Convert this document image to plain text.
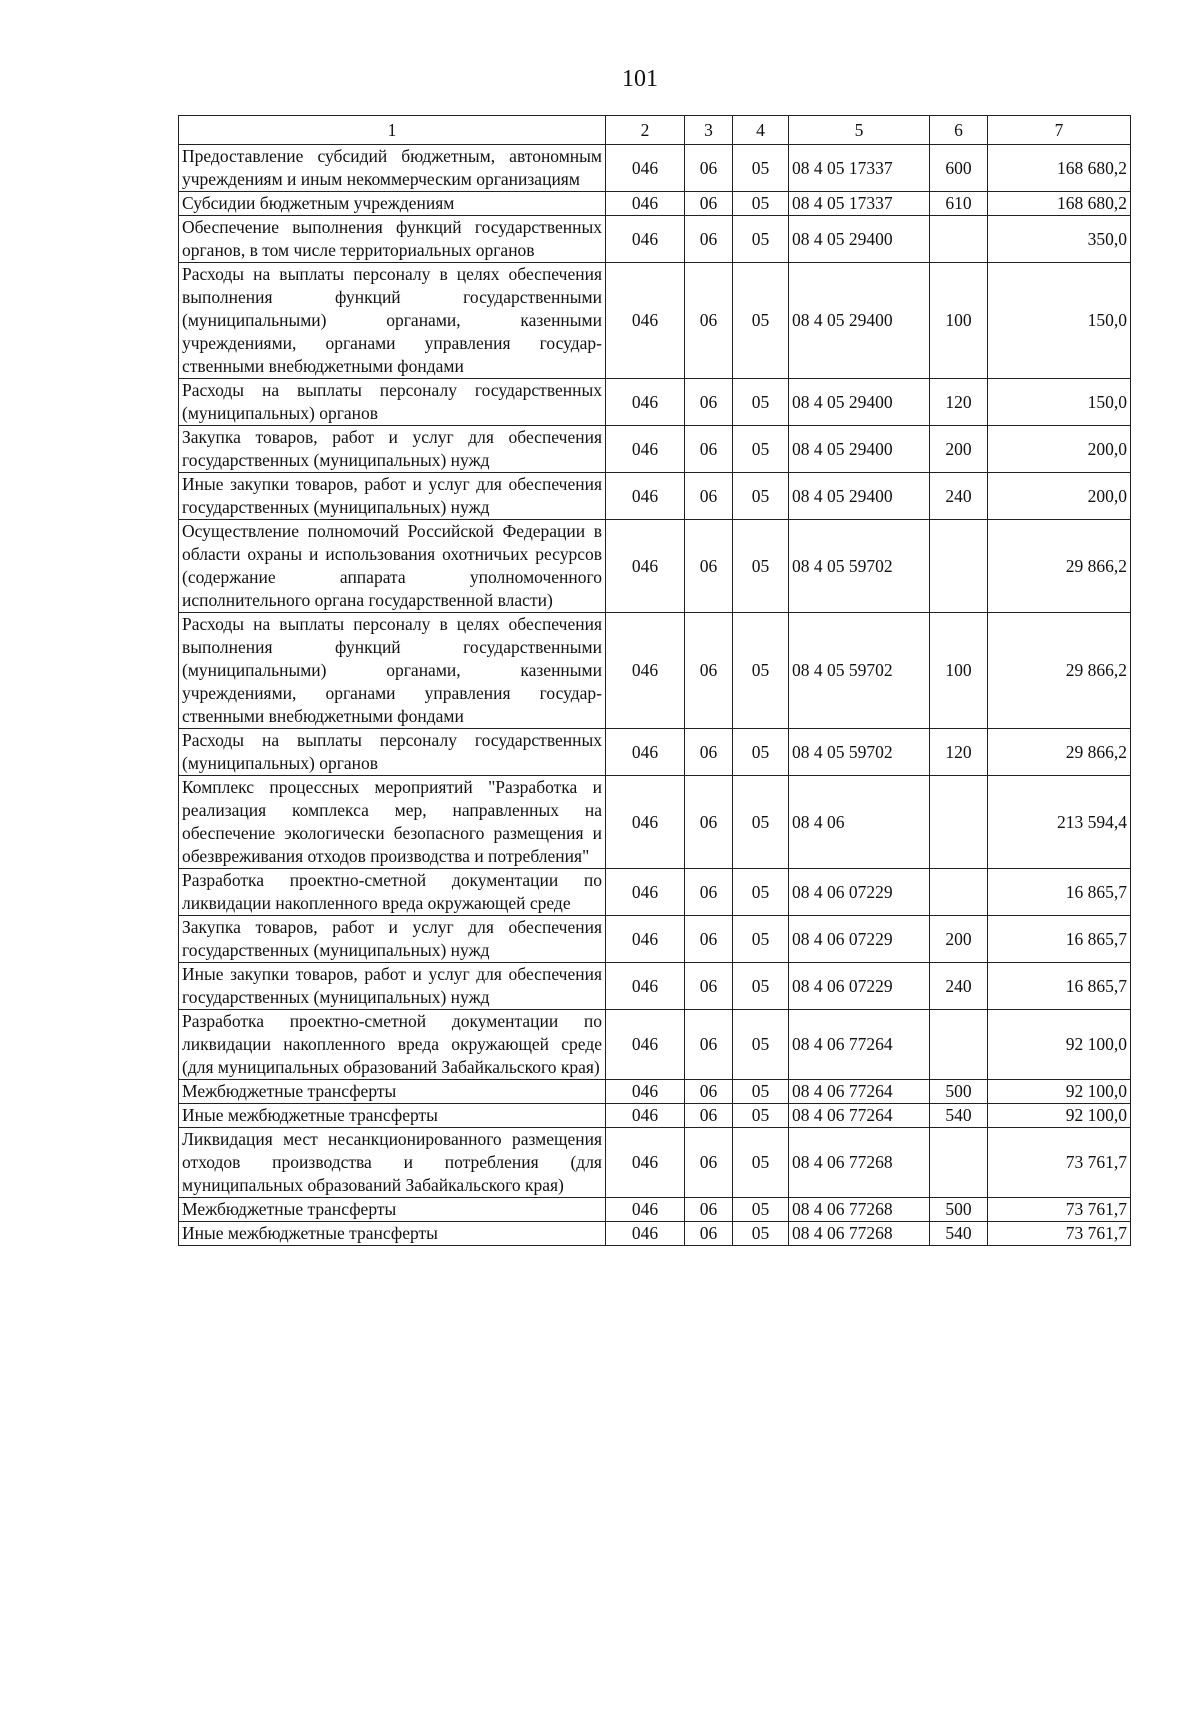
101
1	2	3	4	5	6	7
Предоставление субсидий бюджетным, автономным учреждениям и иным некоммерческим организациям	046	06	05	08 4 05 17337	600	168 680,2
Субсидии бюджетным учреждениям	046	06	05	08 4 05 17337	610	168 680,2
Обеспечение выполнения функций государственных органов, в том числе территориальных органов	046	06	05	08 4 05 29400		350,0
Расходы на выплаты персоналу в целях обеспечения выполнения функций государственными (муниципальными) органами, казенными учреждениями, органами управления государственными внебюджетными фондами	046	06	05	08 4 05 29400	100	150,0
Расходы на выплаты персоналу государственных (муниципальных) органов	046	06	05	08 4 05 29400	120	150,0
Закупка товаров, работ и услуг для обеспечения государственных (муниципальных) нужд	046	06	05	08 4 05 29400	200	200,0
Иные закупки товаров, работ и услуг для обеспечения государственных (муниципальных) нужд	046	06	05	08 4 05 29400	240	200,0
Осуществление полномочий Российской Федерации в области охраны и использования охотничьих ресурсов (содержание аппарата уполномоченного исполнительного органа государственной власти)	046	06	05	08 4 05 59702		29 866,2
Расходы на выплаты персоналу в целях обеспечения выполнения функций государственными (муниципальными) органами, казенными учреждениями, органами управления государственными внебюджетными фондами	046	06	05	08 4 05 59702	100	29 866,2
Расходы на выплаты персоналу государственных (муниципальных) органов	046	06	05	08 4 05 59702	120	29 866,2
Комплекс процессных мероприятий "Разработка и реализация комплекса мер, направленных на обеспечение экологически безопасного размещения и обезвреживания отходов производства и потребления"	046	06	05	08 4 06		213 594,4
Разработка проектно-сметной документации по ликвидации накопленного вреда окружающей среде	046	06	05	08 4 06 07229		16 865,7
Закупка товаров, работ и услуг для обеспечения государственных (муниципальных) нужд	046	06	05	08 4 06 07229	200	16 865,7
Иные закупки товаров, работ и услуг для обеспечения государственных (муниципальных) нужд	046	06	05	08 4 06 07229	240	16 865,7
Разработка проектно-сметной документации по ликвидации накопленного вреда окружающей среде (для муниципальных образований Забайкальского края)	046	06	05	08 4 06 77264		92 100,0
Межбюджетные трансферты	046	06	05	08 4 06 77264	500	92 100,0
Иные межбюджетные трансферты	046	06	05	08 4 06 77264	540	92 100,0
Ликвидация мест несанкционированного размещения отходов производства и потребления (для муниципальных образований Забайкальского края)	046	06	05	08 4 06 77268		73 761,7
Межбюджетные трансферты	046	06	05	08 4 06 77268	500	73 761,7
Иные межбюджетные трансферты	046	06	05	08 4 06 77268	540	73 761,7
